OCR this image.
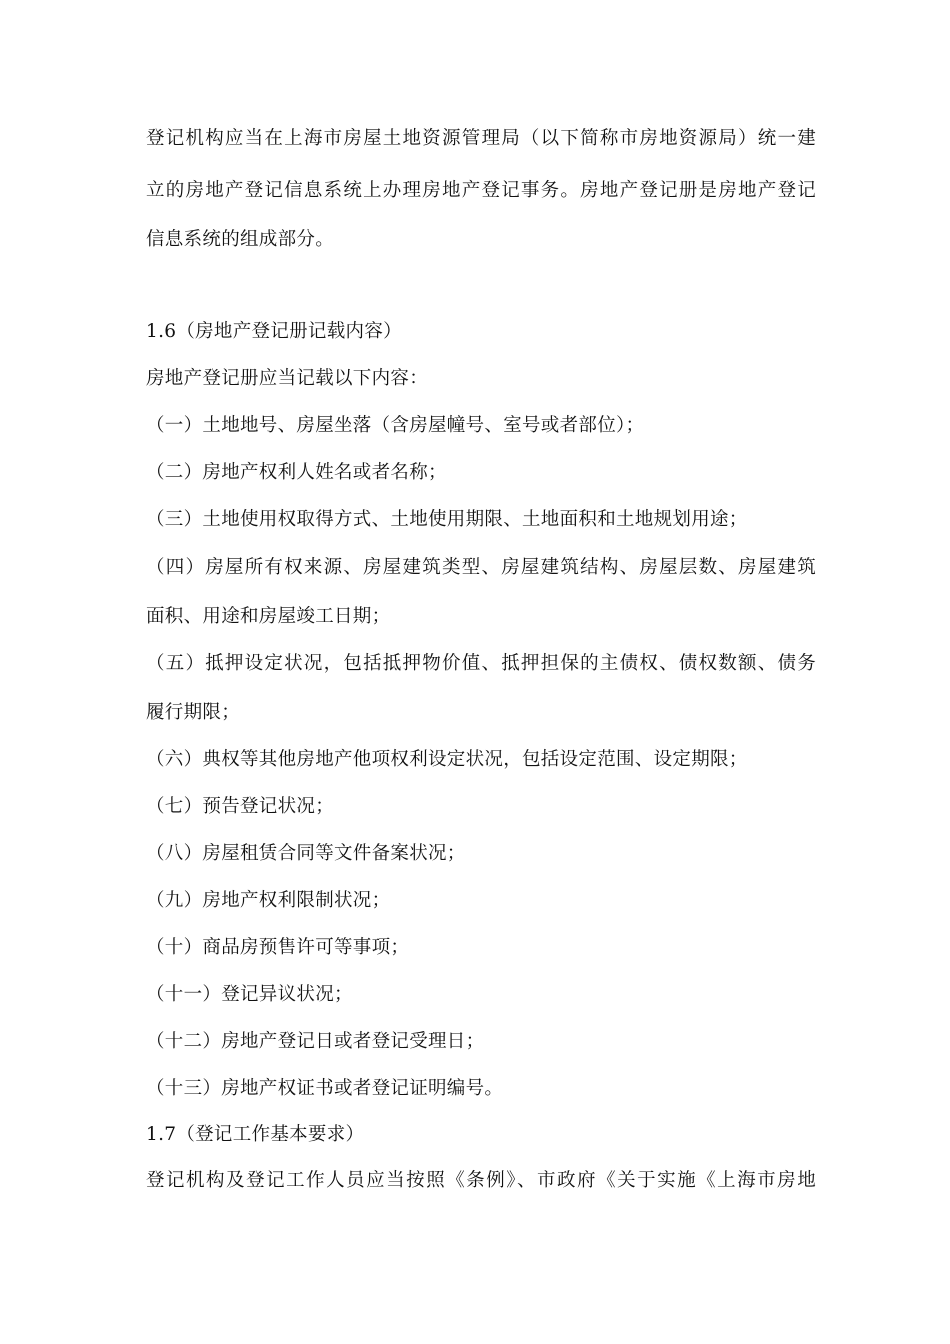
登记机构应当在上海市房屋土地资源管理局（以下简称市房地资源局）统一建
立的房地产登记信息系统上办理房地产登记事务。房地产登记册是房地产登记
信息系统的组成部分。
1.6（房地产登记册记载内容）
房地产登记册应当记载以下内容：
（一）土地地号、房屋坐落（含房屋幢号、室号或者部位）；
（二）房地产权利人姓名或者名称；
（三）土地使用权取得方式、土地使用期限、土地面积和土地规划用途；
（四）房屋所有权来源、房屋建筑类型、房屋建筑结构、房屋层数、房屋建筑
面积、用途和房屋竣工日期；
（五）抵押设定状况，包括抵押物价值、抵押担保的主债权、债权数额、债务
履行期限；
（六）典权等其他房地产他项权利设定状况，包括设定范围、设定期限；
（七）预告登记状况；
（八）房屋租赁合同等文件备案状况；
（九）房地产权利限制状况；
（十）商品房预售许可等事项；
（十一）登记异议状况；
（十二）房地产登记日或者登记受理日；
（十三）房地产权证书或者登记证明编号。
1.7（登记工作基本要求）
登记机构及登记工作人员应当按照《条例》、市政府《关于实施《上海市房地
